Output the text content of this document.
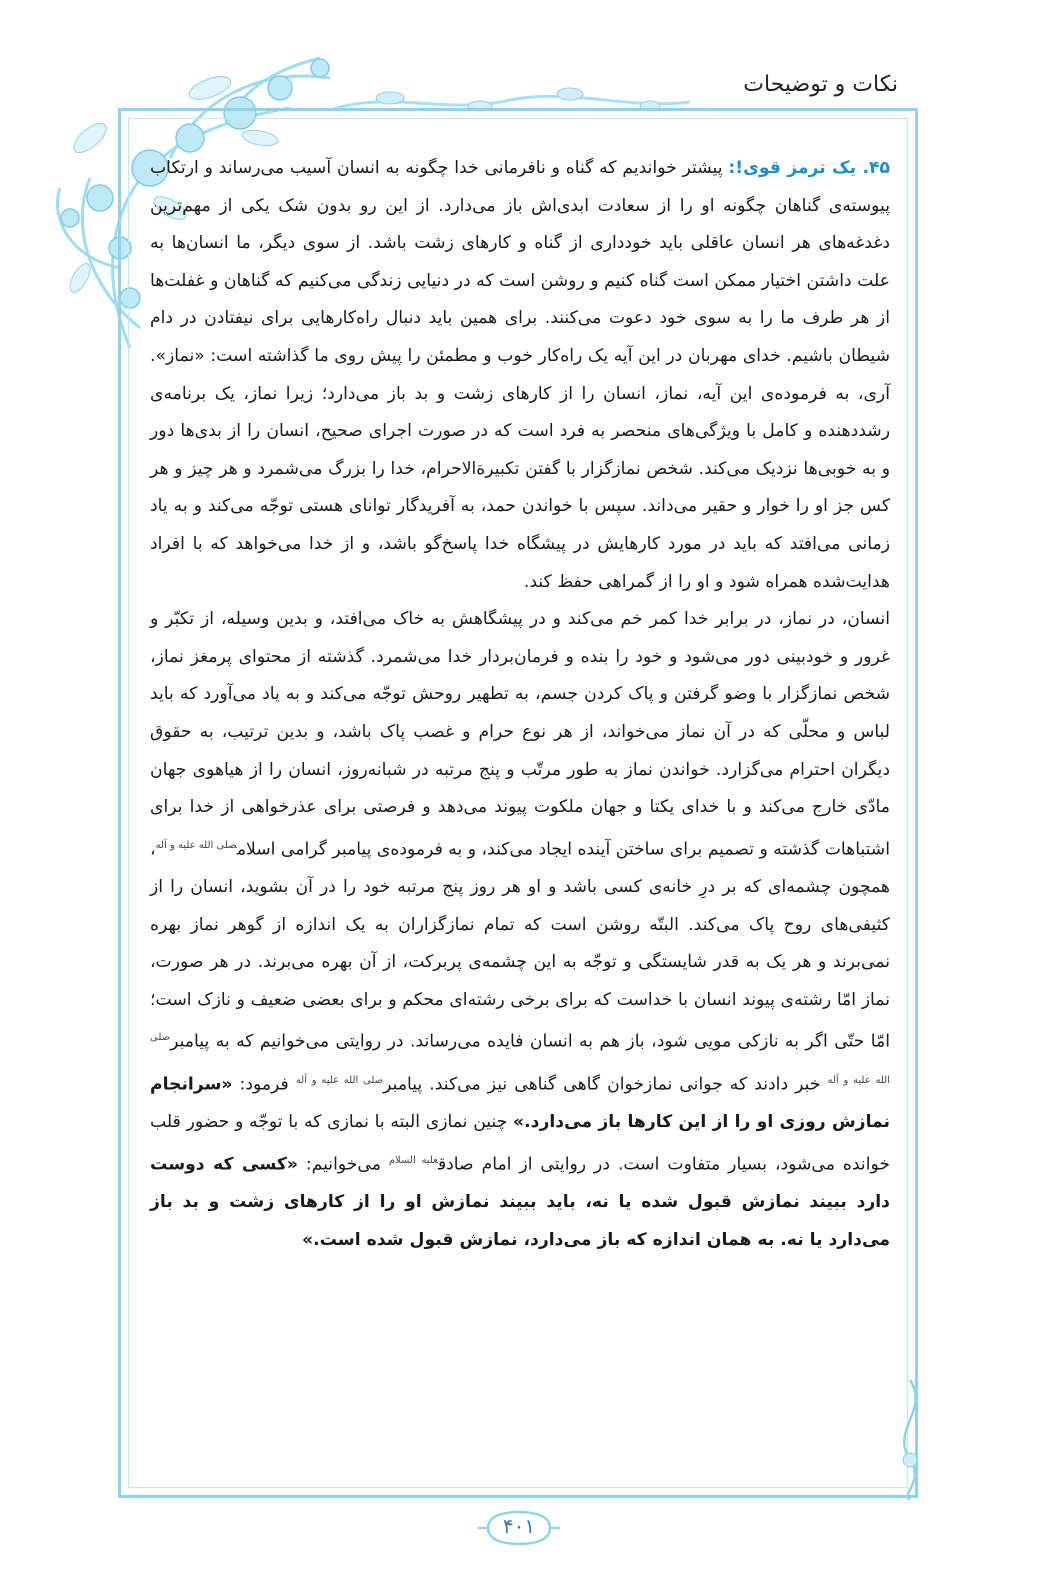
نکات و توضیحات

۴۵. یک ترمز قوی!: پیشتر خواندیم که گناه و نافرمانی خدا چگونه به انسان آسیب می‌رساند و ارتکاب پیوسته‌ی گناهان چگونه او را از سعادت ابدی‌اش باز می‌دارد. از این رو بدون شک یکی از مهم‌ترین دغدغه‌های هر انسان عاقلی باید خودداری از گناه و کارهای زشت باشد. از سوی دیگر، ما انسان‌ها به علت داشتن اختیار ممکن است گناه کنیم و روشن است که در دنیایی زندگی می‌کنیم که گناهان و غفلت‌ها از هر طرف ما را به سوی خود دعوت می‌کنند. برای همین باید دنبال راه‌کارهایی برای نیفتادن در دام شیطان باشیم. خدای مهربان در این آیه یک راه‌کار خوب و مطمئن را پیش روی ما گذاشته است: «نماز». آری، به فرموده‌ی این آیه، نماز، انسان را از کارهای زشت و بد باز می‌دارد؛ زیرا نماز، یک برنامه‌ی رشددهنده و کامل با ویژگی‌های منحصر به فرد است که در صورت اجرای صحیح، انسان را از بدی‌ها دور و به خوبی‌ها نزدیک می‌کند. شخص نمازگزار با گفتن تکبیرةالاحرام، خدا را بزرگ می‌شمرد و هر چیز و هر کس جز او را خوار و حقیر می‌داند. سپس با خواندن حمد، به آفریدگار توانای هستی توجّه می‌کند و به یاد زمانی می‌افتد که باید در مورد کارهایش در پیشگاه خدا پاسخ‌گو باشد، و از خدا می‌خواهد که با افراد هدایت‌شده همراه شود و او را از گمراهی حفظ کند.

انسان، در نماز، در برابر خدا کمر خم می‌کند و در پیشگاهش به خاک می‌افتد، و بدین وسیله، از تکبّر و غرور و خودبینی دور می‌شود و خود را بنده و فرمان‌بردار خدا می‌شمرد. گذشته از محتوای پرمغز نماز، شخص نمازگزار با وضو گرفتن و پاک کردن جسم، به تطهیر روحش توجّه می‌کند و به یاد می‌آورد که باید لباس و محلّی که در آن نماز می‌خواند، از هر نوع حرام و غصب پاک باشد، و بدین ترتیب، به حقوق دیگران احترام می‌گزارد. خواندن نماز به طور مرتّب و پنج مرتبه در شبانه‌روز، انسان را از هیاهوی جهان مادّی خارج می‌کند و با خدای یکتا و جهان ملکوت پیوند می‌دهد و فرصتی برای عذرخواهی از خدا برای اشتباهات گذشته و تصمیم برای ساختن آینده ایجاد می‌کند، و به فرموده‌ی پیامبر گرامی اسلام$^{صلی الله علیه و آله}$، همچون چشمه‌ای که بر درِ خانه‌ی کسی باشد و او هر روز پنج مرتبه خود را در آن بشوید، انسان را از کثیفی‌های روح پاک می‌کند. البتّه روشن است که تمام نمازگزاران به یک اندازه از گوهر نماز بهره نمی‌برند و هر یک به قدر شایستگی و توجّه به این چشمه‌ی پربرکت، از آن بهره می‌برند. در هر صورت، نماز امّا رشته‌ی پیوند انسان با خداست که برای برخی رشته‌ای محکم و برای بعضی ضعیف و نازک است؛ امّا حتّی اگر به نازکی مویی شود، باز هم به انسان فایده می‌رساند. در روایتی می‌خوانیم که به پیامبر$^{صلی الله علیه و آله}$ خبر دادند که جوانی نمازخوان گاهی گناهی نیز می‌کند. پیامبر$^{صلی الله علیه و آله}$ فرمود: «سرانجام نمازش روزی او را از این کارها باز می‌دارد.» چنین نمازی البته با نمازی که با توجّه و حضور قلب خوانده می‌شود، بسیار متفاوت است. در روایتی از امام صادق$^{علیه السلام}$ می‌خوانیم: «کسی که دوست دارد ببیند نمازش قبول شده یا نه، باید ببیند نمازش او را از کارهای زشت و بد باز می‌دارد یا نه. به همان اندازه که باز می‌دارد، نمازش قبول شده است.»

۴۰۱
